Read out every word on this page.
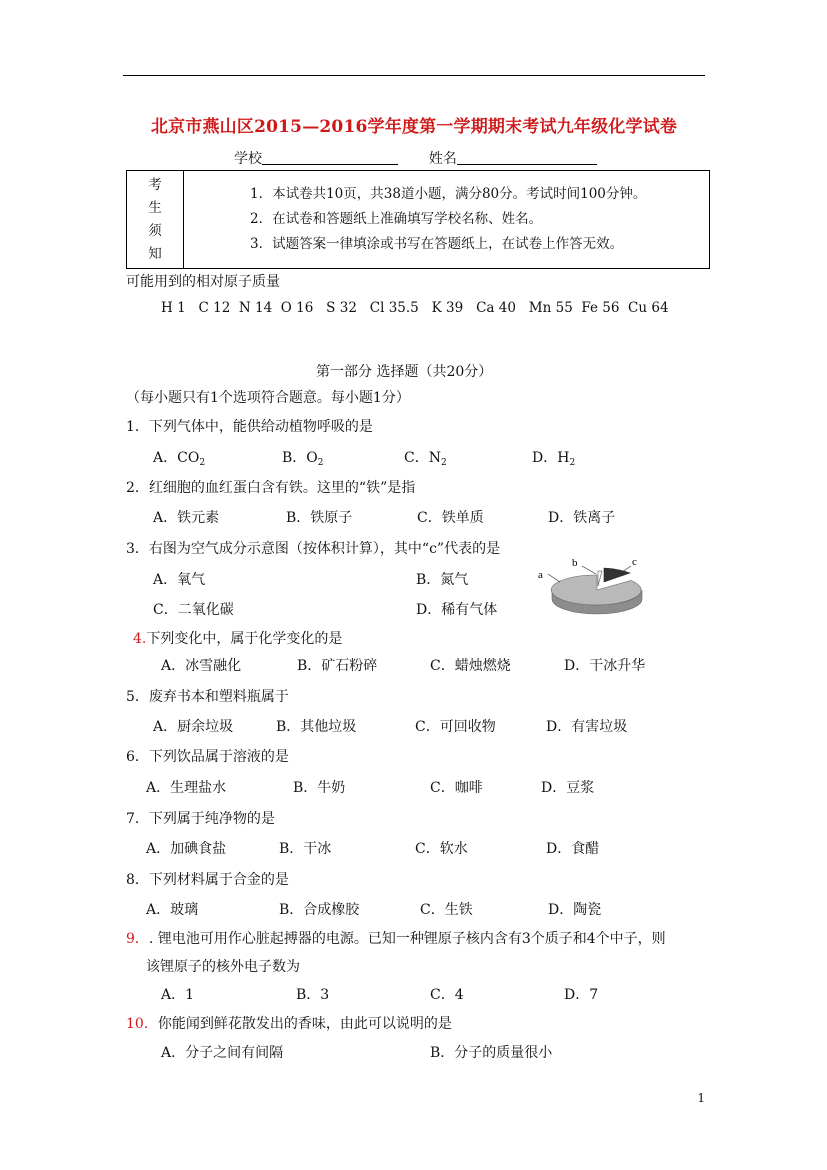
北京市燕山区2015—2016学年度第一学期期末考试九年级化学试卷
学校	姓名
考
生
须
知

1．本试卷共10页，共38道小题，满分80分。考试时间100分钟。
2．在试卷和答题纸上准确填写学校名称、姓名。
3．试题答案一律填涂或书写在答题纸上，在试卷上作答无效。
可能用到的相对原子质量
H 1   C 12  N 14  O 16   S 32   Cl 35.5   K 39   Ca 40   Mn 55  Fe 56  Cu 64
第一部分 选择题（共20分）
（每小题只有1个选项符合题意。每小题1分）
1．下列气体中，能供给动植物呼吸的是
A．$CO_2$	B．$O_2$	C．$N_2$	D．$H_2$
2．红细胞的血红蛋白含有铁。这里的“铁”是指
A．铁元素	B．铁原子	C．铁单质	D．铁离子
3．右图为空气成分示意图（按体积计算），其中“c”代表的是
A．氧气	B．氮气
C．二氧化碳	D．稀有气体
a
b	c
4.下列变化中，属于化学变化的是
A．冰雪融化	B．矿石粉碎	C．蜡烛燃烧	D．干冰升华
5．废弃书本和塑料瓶属于
A．厨余垃圾	B．其他垃圾	C．可回收物	D．有害垃圾
6．下列饮品属于溶液的是
A．生理盐水	B．牛奶	C．咖啡	D．豆浆
7．下列属于纯净物的是
A．加碘食盐	B．干冰	C．软水	D．食醋
8．下列材料属于合金的是
A．玻璃	B．合成橡胶	C．生铁	D．陶瓷
9．. 锂电池可用作心脏起搏器的电源。已知一种锂原子核内含有3个质子和4个中子，则
该锂原子的核外电子数为
A．1	B．3	C．4	D．7
10．你能闻到鲜花散发出的香味，由此可以说明的是
A．分子之间有间隔	B．分子的质量很小
1
